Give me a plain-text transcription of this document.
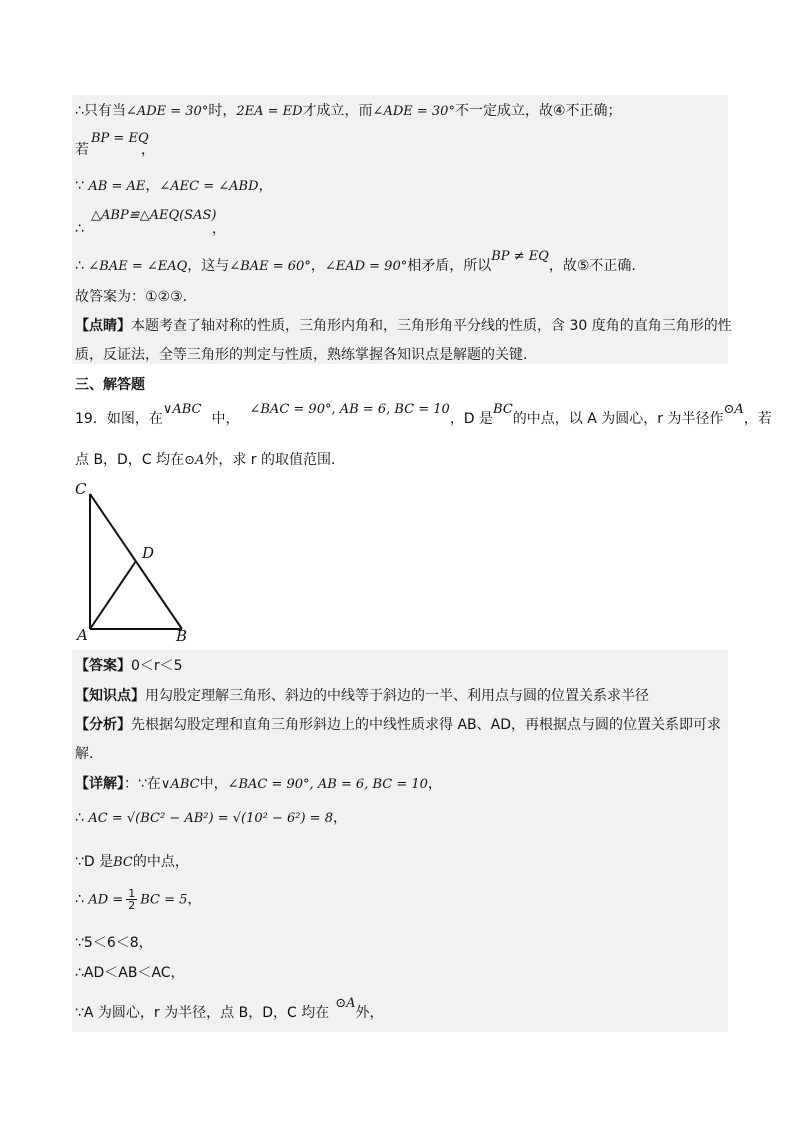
∴只有当∠ADE = 30°时，2EA = ED才成立，而∠ADE = 30°不一定成立，故④不正确；
BP = EQ
若	，
∵ AB = AE，∠AEC = ∠ABD，
△ABP≌△AEQ(SAS)
∴	，
∴ ∠BAE = ∠EAQ，这与∠BAE = 60°，∠EAD = 90°相矛盾，所以BP ≠ EQ，故⑤不正确.
故答案为：①②③.
【点睛】本题考查了轴对称的性质，三角形内角和，三角形角平分线的性质，含 30 度角的直角三角形的性
质，反证法，全等三角形的判定与性质，熟练掌握各知识点是解题的关键.
三、解答题
19．如图，在∨ABC中，∠BAC = 90°, AB = 6, BC = 10，D 是BC的中点，以 A 为圆心，r 为半径作⊙A，若
点 B，D，C 均在⊙A外，求 r 的取值范围.
C
D
A	B
【答案】0＜r＜5
【知识点】用勾股定理解三角形、斜边的中线等于斜边的一半、利用点与圆的位置关系求半径
【分析】先根据勾股定理和直角三角形斜边上的中线性质求得 AB、AD，再根据点与圆的位置关系即可求
解.
【详解】：∵在∨ABC中，∠BAC = 90°, AB = 6, BC = 10，
∴ AC = √(BC² − AB²) = √(10² − 6²) = 8，
∵D 是BC的中点，
∴ AD = $\frac{1}{2}$ BC = 5，
∵5＜6＜8，
∴AD＜AB＜AC，
∵A 为圆心，r 为半径，点 B，D，C 均在⊙A外，
